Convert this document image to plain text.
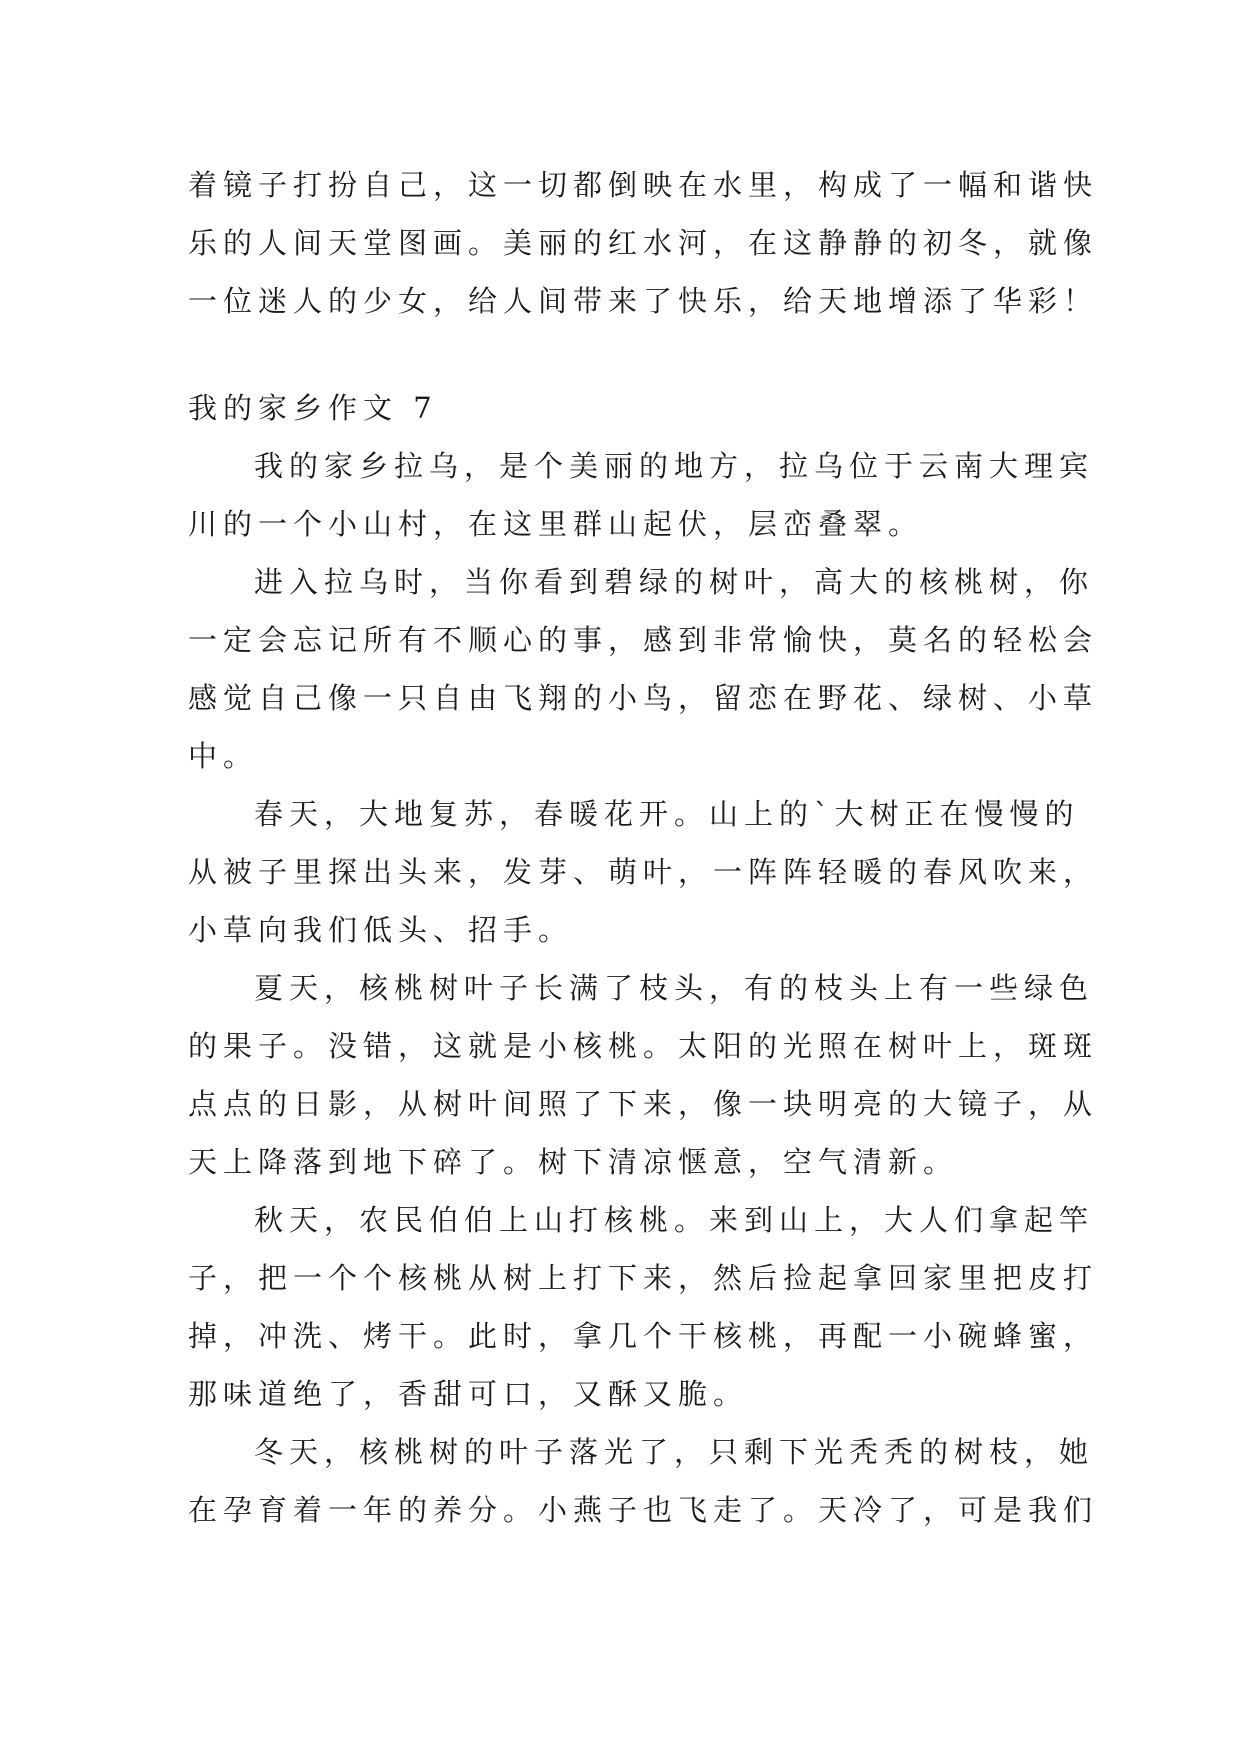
着镜子打扮自己，这一切都倒映在水里，构成了一幅和谐快
乐的人间天堂图画。美丽的红水河，在这静静的初冬，就像
一位迷人的少女，给人间带来了快乐，给天地增添了华彩！
我的家乡作文 7
我的家乡拉乌，是个美丽的地方，拉乌位于云南大理宾
川的一个小山村，在这里群山起伏，层峦叠翠。
进入拉乌时，当你看到碧绿的树叶，高大的核桃树，你
一定会忘记所有不顺心的事，感到非常愉快，莫名的轻松会
感觉自己像一只自由飞翔的小鸟，留恋在野花、绿树、小草
中。
春天，大地复苏，春暖花开。山上的`大树正在慢慢的
从被子里探出头来，发芽、萌叶，一阵阵轻暖的春风吹来，
小草向我们低头、招手。
夏天，核桃树叶子长满了枝头，有的枝头上有一些绿色
的果子。没错，这就是小核桃。太阳的光照在树叶上，斑斑
点点的日影，从树叶间照了下来，像一块明亮的大镜子，从
天上降落到地下碎了。树下清凉惬意，空气清新。
秋天，农民伯伯上山打核桃。来到山上，大人们拿起竿
子，把一个个核桃从树上打下来，然后捡起拿回家里把皮打
掉，冲洗、烤干。此时，拿几个干核桃，再配一小碗蜂蜜，
那味道绝了，香甜可口，又酥又脆。
冬天，核桃树的叶子落光了，只剩下光秃秃的树枝，她
在孕育着一年的养分。小燕子也飞走了。天冷了，可是我们
